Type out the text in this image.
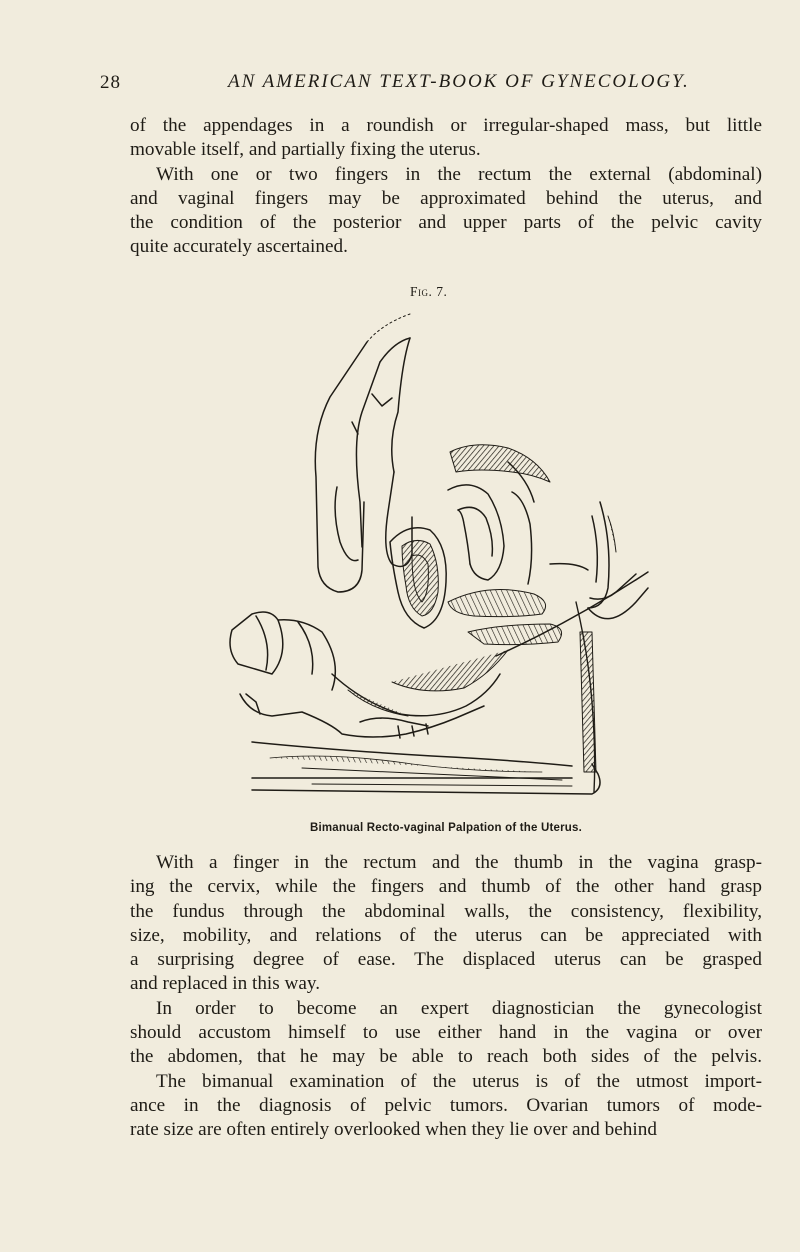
28	AN AMERICAN TEXT-BOOK OF GYNECOLOGY.
of the appendages in a roundish or irregular-shaped mass, but little
movable itself, and partially fixing the uterus.
With one or two fingers in the rectum the external (abdominal)
and vaginal fingers may be approximated behind the uterus, and
the condition of the posterior and upper parts of the pelvic cavity
quite accurately ascertained.
Fig. 7.
Bimanual Recto-vaginal Palpation of the Uterus.
With a finger in the rectum and the thumb in the vagina grasp-
ing the cervix, while the fingers and thumb of the other hand grasp
the fundus through the abdominal walls, the consistency, flexibility,
size, mobility, and relations of the uterus can be appreciated with
a surprising degree of ease. The displaced uterus can be grasped
and replaced in this way.
In order to become an expert diagnostician the gynecologist
should accustom himself to use either hand in the vagina or over
the abdomen, that he may be able to reach both sides of the pelvis.
The bimanual examination of the uterus is of the utmost import-
ance in the diagnosis of pelvic tumors. Ovarian tumors of mode-
rate size are often entirely overlooked when they lie over and behind
